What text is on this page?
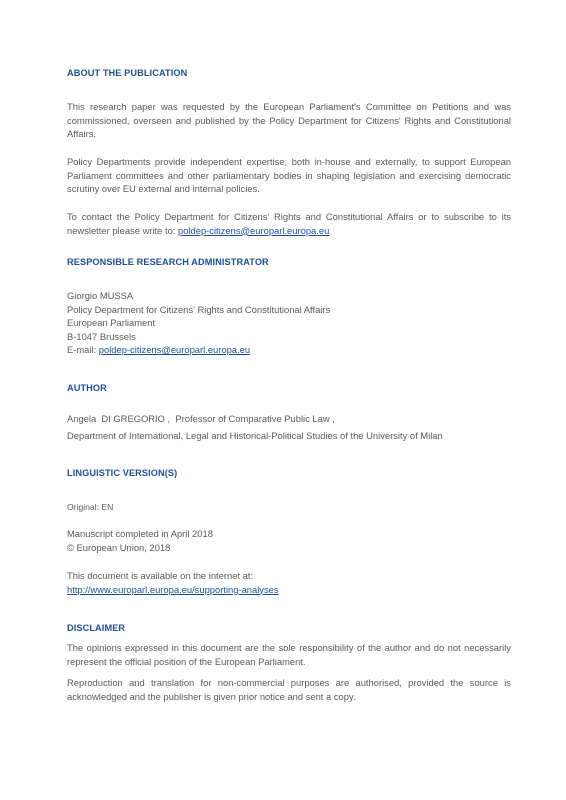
ABOUT THE PUBLICATION
This research paper was requested by the European Parliament's Committee on Petitions and was commissioned, overseen and published by the Policy Department for Citizens' Rights and Constitutional Affairs.
Policy Departments provide independent expertise, both in-house and externally, to support European Parliament committees and other parliamentary bodies in shaping legislation and exercising democratic scrutiny over EU external and internal policies.
To contact the Policy Department for Citizens' Rights and Constitutional Affairs or to subscribe to its newsletter please write to: poldep-citizens@europarl.europa.eu
RESPONSIBLE RESEARCH ADMINISTRATOR
Giorgio MUSSA
Policy Department for Citizens' Rights and Constitutional Affairs
European Parliament
B-1047 Brussels
E-mail: poldep-citizens@europarl.europa.eu
AUTHOR
Angela  DI GREGORIO ,  Professor of Comparative Public Law ,
Department of International, Legal and Historical-Political Studies of the University of Milan
LINGUISTIC VERSION(S)
Original: EN
Manuscript completed in April 2018
© European Union, 2018
This document is available on the internet at:
http://www.europarl.europa.eu/supporting-analyses
DISCLAIMER
The opinions expressed in this document are the sole responsibility of the author and do not necessarily represent the official position of the European Parliament.
Reproduction and translation for non-commercial purposes are authorised, provided the source is acknowledged and the publisher is given prior notice and sent a copy.
